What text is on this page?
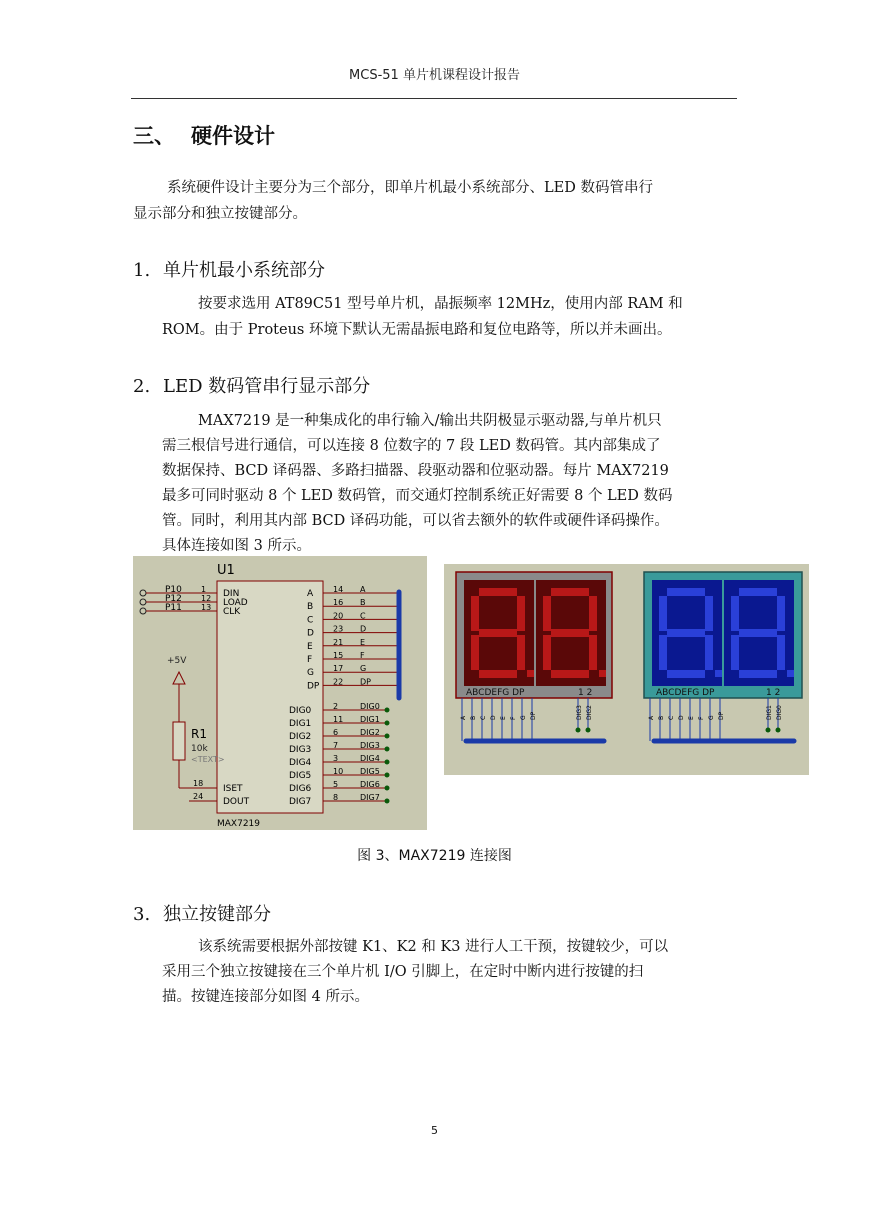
MCS-51 单片机课程设计报告
三、 硬件设计
系统硬件设计主要分为三个部分，即单片机最小系统部分、LED 数码管串行
显示部分和独立按键部分。
1. 单片机最小系统部分
按要求选用 AT89C51 型号单片机，晶振频率 12MHz，使用内部 RAM 和
ROM。由于 Proteus 环境下默认无需晶振电路和复位电路等，所以并未画出。
2. LED 数码管串行显示部分
MAX7219 是一种集成化的串行输入/输出共阴极显示驱动器,与单片机只
需三根信号进行通信，可以连接 8 位数字的 7 段 LED 数码管。其内部集成了
数据保持、BCD 译码器、多路扫描器、段驱动器和位驱动器。每片 MAX7219
最多可同时驱动 8 个 LED 数码管，而交通灯控制系统正好需要 8 个 LED 数码
管。同时，利用其内部 BCD 译码功能，可以省去额外的软件或硬件译码操作。
具体连接如图 3 所示。
U1
MAX7219
P10 1 DIN
P12 12 LOAD
P11 13 CLK
A 14 A
B 16 B
C 20 C
D 23 D
E	21 E
F	15 F
G 17 G
DP 22 DP
DIG0	2	DIG0
DIG1	11 DIG1
DIG2	6	DIG2
DIG3	7	DIG3
DIG4	3	DIG4
DIG5	10 DIG5
DIG6	5	DIG6
DIG7	8	DIG7
18
ISET
24
DOUT
+5V
R1
10k
<TEXT>
ABCDEFG DP	1 2	ABCDEFG DP	1 2
A B C D E F G DP	A B C D E F G DP
DIG3 DIG2	DIG1 DIG0
图 3、MAX7219 连接图
3. 独立按键部分
该系统需要根据外部按键 K1、K2 和 K3 进行人工干预，按键较少，可以
采用三个独立按键接在三个单片机 I/O 引脚上，在定时中断内进行按键的扫
描。按键连接部分如图 4 所示。
5
